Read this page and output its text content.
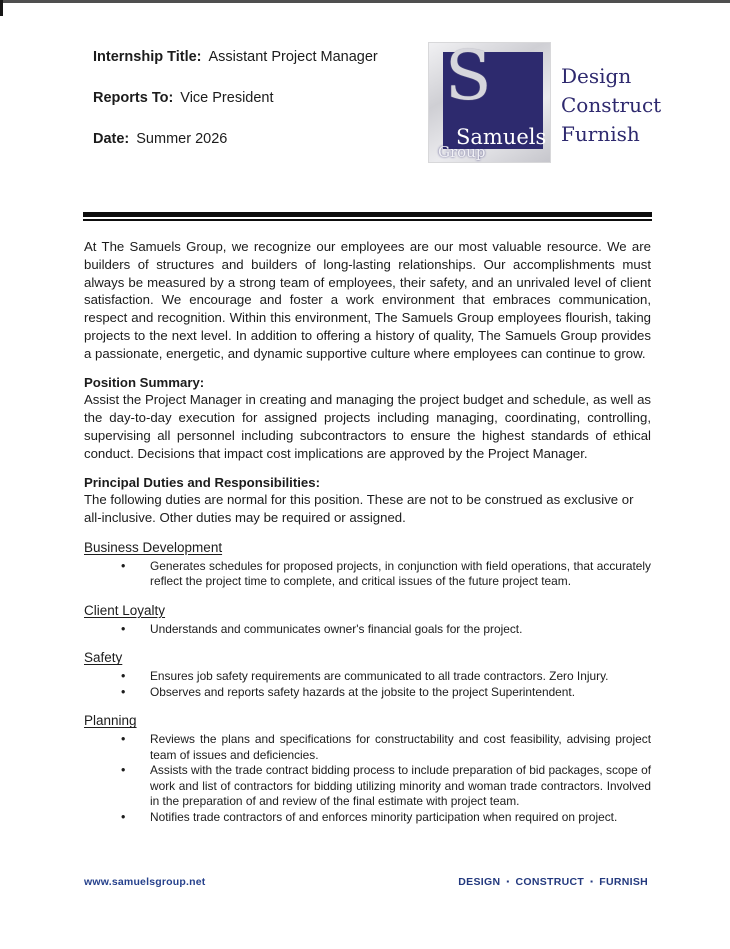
Internship Title: Assistant Project Manager
Reports To: Vice President
Date: Summer 2026
S
Samuels
Group
Design
Construct
Furnish

At The Samuels Group, we recognize our employees are our most valuable resource. We are builders of structures and builders of long-lasting relationships. Our accomplishments must always be measured by a strong team of employees, their safety, and an unrivaled level of client satisfaction. We encourage and foster a work environment that embraces communication, respect and recognition. Within this environment, The Samuels Group employees flourish, taking projects to the next level. In addition to offering a history of quality, The Samuels Group provides a passionate, energetic, and dynamic supportive culture where employees can continue to grow.

Position Summary:

Assist the Project Manager in creating and managing the project budget and schedule, as well as the day-to-day execution for assigned projects including managing, coordinating, controlling, supervising all personnel including subcontractors to ensure the highest standards of ethical conduct. Decisions that impact cost implications are approved by the Project Manager.

Principal Duties and Responsibilities:

The following duties are normal for this position. These are not to be construed as exclusive or all-inclusive. Other duties may be required or assigned.

Business Development
• Generates schedules for proposed projects, in conjunction with field operations, that accurately reflect the project time to complete, and critical issues of the future project team.
Client Loyalty
• Understands and communicates owner's financial goals for the project.
Safety
• Ensures job safety requirements are communicated to all trade contractors. Zero Injury.
• Observes and reports safety hazards at the jobsite to the project Superintendent.
Planning
• Reviews the plans and specifications for constructability and cost feasibility, advising project team of issues and deficiencies.
• Assists with the trade contract bidding process to include preparation of bid packages, scope of work and list of contractors for bidding utilizing minority and woman trade contractors. Involved in the preparation of and review of the final estimate with project team.
• Notifies trade contractors of and enforces minority participation when required on project.
www.samuelsgroup.net	DESIGN ▪ CONSTRUCT ▪ FURNISH
